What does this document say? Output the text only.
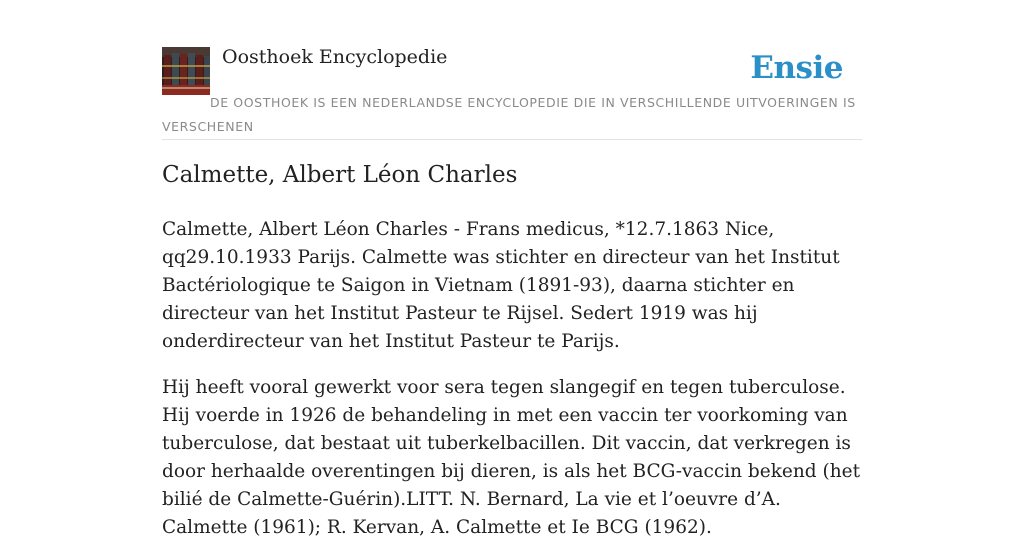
Oosthoek Encyclopedie	Ensie
DE OOSTHOEK IS EEN NEDERLANDSE ENCYCLOPEDIE DIE IN VERSCHILLENDE UITVOERINGEN IS VERSCHENEN
Calmette, Albert Léon Charles

Calmette, Albert Léon Charles - Frans medicus, *12.7.1863 Nice, qq29.10.1933 Parijs. Calmette was stichter en directeur van het Institut Bactériologique te Saigon in Vietnam (1891-93), daarna stichter en directeur van het Institut Pasteur te Rijsel. Sedert 1919 was hij onderdirecteur van het Institut Pasteur te Parijs.

Hij heeft vooral gewerkt voor sera tegen slangegif en tegen tuberculose. Hij voerde in 1926 de behandeling in met een vaccin ter voorkoming van tuberculose, dat bestaat uit tuberkelbacillen. Dit vaccin, dat verkregen is door herhaalde overentingen bij dieren, is als het BCG-vaccin bekend (het bilié de Calmette-Guérin).LITT. N. Bernard, La vie et l’oeuvre d’A. Calmette (1961); R. Kervan, A. Calmette et Ie BCG (1962).
